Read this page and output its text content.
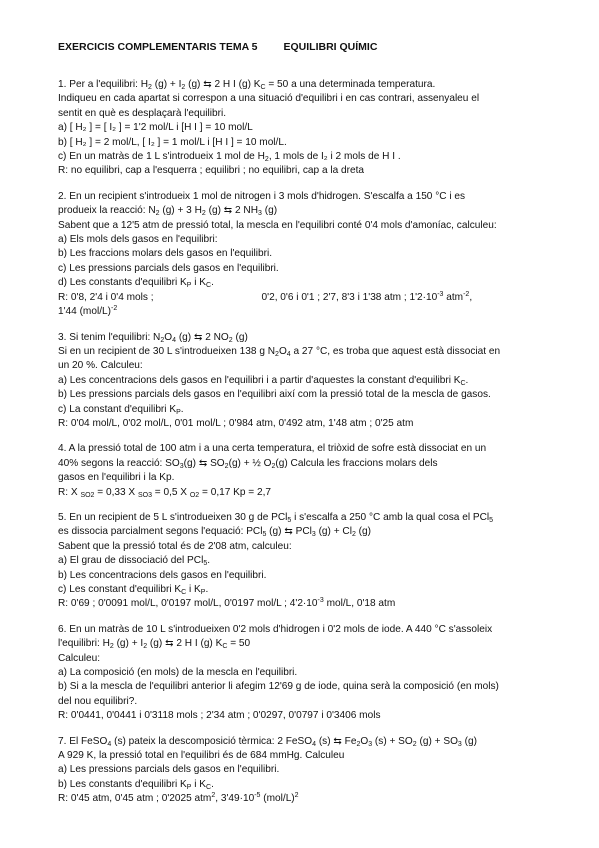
EXERCICIS COMPLEMENTARIS TEMA 5 EQUILIBRI QUÍMIC
1. Per a l'equilibri: $H_2$ $(g) + I_2$ (g) ⇆ 2 H I (g) $K_C = 50$ a una determinada temperatura.
Indiqueu en cada apartat si correspon a una situació d'equilibri i en cas contrari, assenyaleu el
sentit en què es desplaçarà l'equilibri.
a) [ H₂ ] = [ I₂ ] = 1'2 mol/L i [H I ] = 10 mol/L
b) [ H₂ ] = 2 mol/L, [ I₂ ] = 1 mol/L i [H I ] = 10 mol/L.
c) En un matràs de 1 L s'introdueix 1 mol de $H_2$, 1 mols de I₂ i 2 mols de H I .
R: no equilibri, cap a l'esquerra ; equilibri ; no equilibri, cap a la dreta
2. En un recipient s'introdueix 1 mol de nitrogen i 3 mols d'hidrogen. S'escalfa a 150 °C i es
produeix la reacció: $N_2$ (g) + 3 $H_2$ (g) ⇆ 2 $NH_3$ (g)
Sabent que a 12'5 atm de pressió total, la mescla en l'equilibri conté 0'4 mols d'amoníac, calculeu:
a) Els mols dels gasos en l'equilibri:
b) Les fraccions molars dels gasos en l'equilibri.
c) Les pressions parcials dels gasos en l'equilibri.
d) Les constants d'equilibri $K_P$ i $K_C$.
R: 0'8, 2'4 i 0'4 mols ;	0'2, 0'6 i 0'1 ; 2'7, 8'3 i 1'38 atm ; $1'2\cdot 10^{-3}$ atm$^{-2}$,
1'44 $(mol/L)^{-2}$
3. Si tenim l'equilibri: $N_2O_4$ (g) ⇆ 2 $NO_2$ (g)
Si en un recipient de 30 L s'introdueixen 138 g $N_2O_4$ a 27 °C, es troba que aquest està dissociat en
un 20 %. Calculeu:
a) Les concentracions dels gasos en l'equilibri i a partir d'aquestes la constant d'equilibri $K_C$.
b) Les pressions parcials dels gasos en l'equilibri així com la pressió total de la mescla de gasos.
c) La constant d'equilibri $K_P$.
R: 0'04 mol/L, 0'02 mol/L, 0'01 mol/L ; 0'984 atm, 0'492 atm, 1'48 atm ; 0'25 atm
4. A la pressió total de 100 atm i a una certa temperatura, el triòxid de sofre està dissociat en un
40% segons la reacció: $SO_3(g)$ ⇆ $SO_2(g)$ + ½ $O_2(g)$ Calcula les fraccions molars dels
gasos en l'equilibri i la Kp.
R: X $_{SO2}$ = 0,33 X $_{SO3}$ = 0,5 X $_{O2}$ = 0,17 Kp = 2,7
5. En un recipient de 5 L s'introdueixen 30 g de PCl$_5$ i s'escalfa a 250 °C amb la qual cosa el PCl$_5$
es dissocia parcialment segons l'equació: PCl$_5$ (g) ⇆ PCl$_3$ $(g) + Cl_2$ (g)
Sabent que la pressió total és de 2'08 atm, calculeu:
a) El grau de dissociació del PCl$_5$.
b) Les concentracions dels gasos en l'equilibri.
c) Les constant d'equilibri $K_C$ i $K_P$.
R: 0'69 ; 0'0091 mol/L, 0'0197 mol/L, 0'0197 mol/L ; $4'2\cdot 10^{-3}$ mol/L, 0'18 atm
6. En un matràs de 10 L s'introdueixen 0'2 mols d'hidrogen i 0'2 mols de iode. A 440 °C s'assoleix
l'equilibri: $H_2$ $(g) + I_2$ (g) ⇆ 2 H I (g) $K_C = 50$
Calculeu:
a) La composició (en mols) de la mescla en l'equilibri.
b) Si a la mescla de l'equilibri anterior li afegim 12'69 g de iode, quina serà la composició (en mols)
del nou equilibri?.
R: 0'0441, 0'0441 i 0'3118 mols ; 2'34 atm ; 0'0297, 0'0797 i 0'3406 mols
7. El FeSO$_4$ (s) pateix la descomposició tèrmica: 2 FeSO$_4$ (s) ⇆ $Fe_2O_3$ $(s) + SO_2$ $(g) + SO_3$ (g)
A 929 K, la pressió total en l'equilibri és de 684 mmHg. Calculeu
a) Les pressions parcials dels gasos en l'equilibri.
b) Les constants d'equilibri $K_P$ i $K_C$.
R: 0'45 atm, 0'45 atm ; 0'2025 atm$^2$, $3'49\cdot 10^{-5}$ $(mol/L)^2$
